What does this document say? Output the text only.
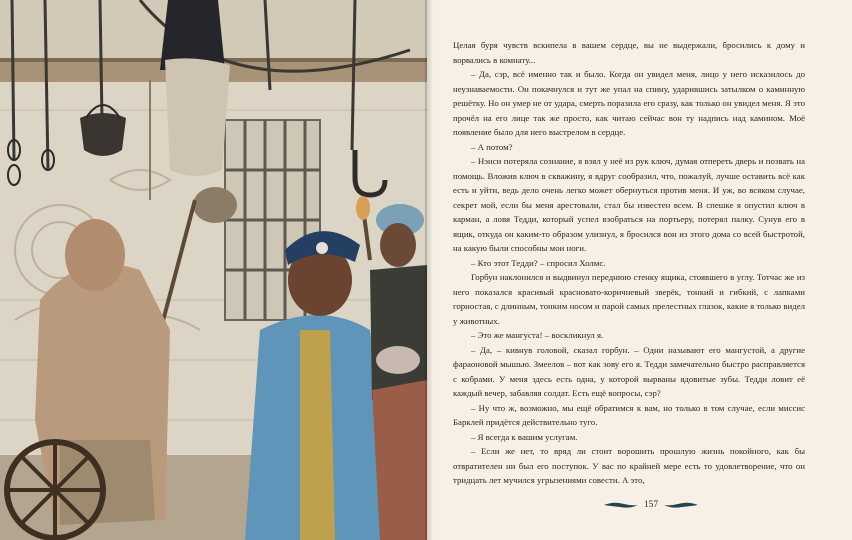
Целая буря чувств вскипела в вашем сердце, вы не выдержали, бросились к дому и ворвались в комнату...

– Да, сэр, всё именно так и было. Когда он увидел меня, лицо у него исказилось до неузнаваемости. Он покачнулся и тут же упал на спину, ударившись затылком о каминную решётку. Но он умер не от удара, смерть поразила его сразу, как только он увидел меня. Я это прочёл на его лице так же просто, как читаю сейчас вон ту надпись над камином. Моё появление было для него выстрелом в сердце.

– А потом?

– Нэнси потеряла сознание, я взял у неё из рук ключ, думая отпереть дверь и позвать на помощь. Вложив ключ в скважину, я вдруг сообразил, что, пожалуй, лучше оставить всё как есть и уйти, ведь дело очень легко может обернуться против меня. И уж, во всяком случае, секрет мой, если бы меня арестовали, стал бы известен всем. В спешке я опустил ключ в карман, а ловя Тедди, который успел взобраться на портьеру, потерял палку. Сунув его в ящик, откуда он каким-то образом улизнул, я бросился вон из этого дома со всей быстротой, на какую были способны мои ноги.

– Кто этот Тедди? – спросил Холмс.

Горбун наклонился и выдвинул переднюю стенку ящика, стоявшего в углу. Тотчас же из него показался красивый красновато-коричневый зверёк, тонкий и гибкий, с лапками горностая, с длинным, тонким носом и парой самых прелестных глазок, какие я только видел у животных.

– Это же мангуста! – воскликнул я.

– Да, – кивнув головой, сказал горбун. – Одни называют его мангустой, а другие фараоновой мышью. Змеелов – вот как зову его я. Тедди замечательно быстро расправляется с кобрами. У меня здесь есть одна, у которой вырваны ядовитые зубы. Тедди ловит её каждый вечер, забавляя солдат. Есть ещё вопросы, сэр?

– Ну что ж, возможно, мы ещё обратимся к вам, но только в том случае, если миссис Барклей придётся действительно туго.

– Я всегда к вашим услугам.

– Если же нет, то вряд ли стоит ворошить прошлую жизнь покойного, как бы отвратителен ни был его поступок. У вас по крайней мере есть то удовлетворение, что он тридцать лет мучился угрызениями совести. А это,

157
